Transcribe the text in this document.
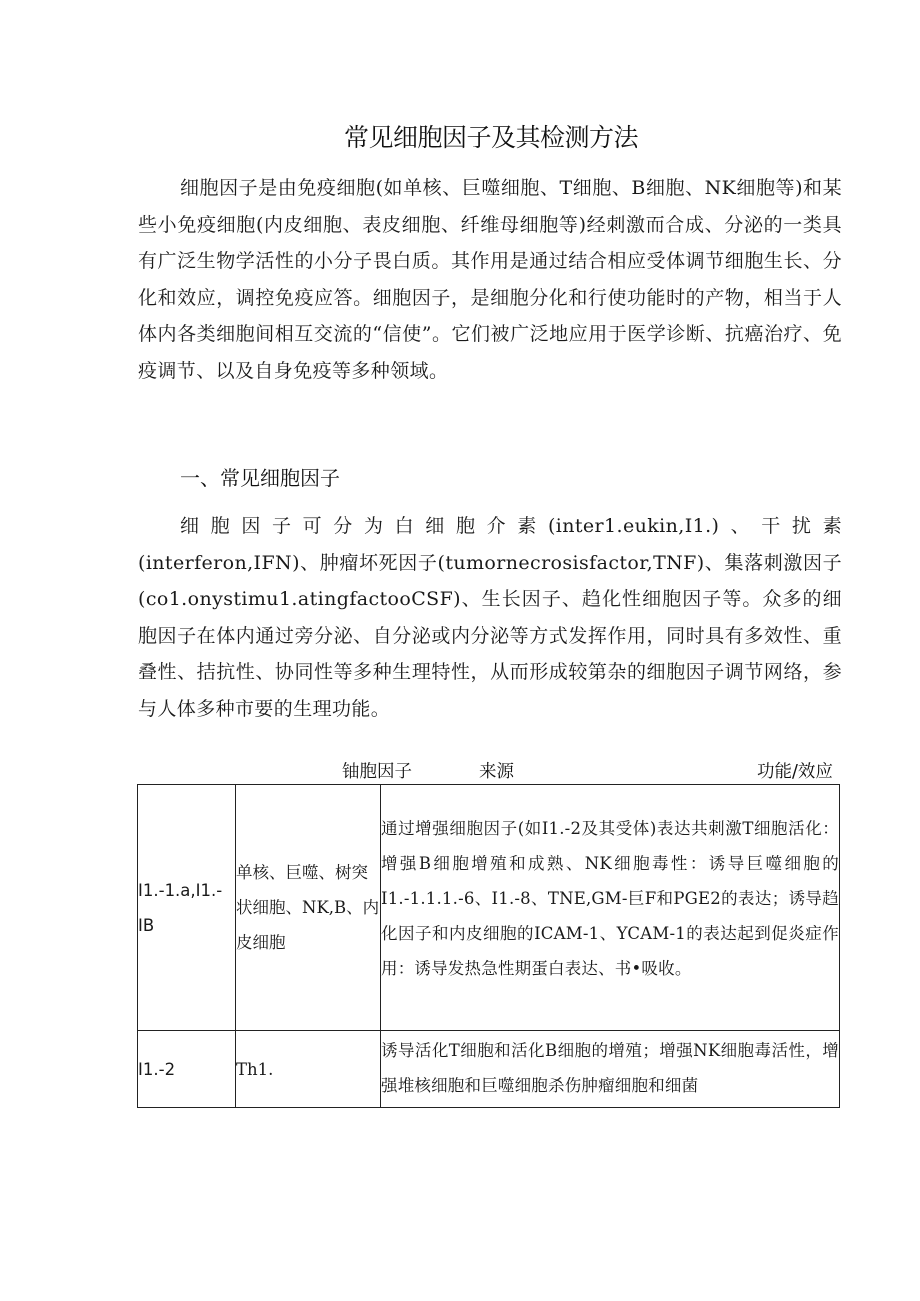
常见细胞因子及其检测方法

细胞因子是由免疫细胞(如单核、巨噬细胞、T细胞、B细胞、NK细胞等)和某些小免疫细胞(内皮细胞、表皮细胞、纤维母细胞等)经刺激而合成、分泌的一类具有广泛生物学活性的小分子畏白质。其作用是通过结合相应受体调节细胞生长、分化和效应，调控免疫应答。细胞因子，是细胞分化和行使功能时的产物，相当于人体内各类细胞间相互交流的“信使”。它们被广泛地应用于医学诊断、抗癌治疗、免疫调节、以及自身免疫等多种领域。

一、常见细胞因子

细胞因子可分为白细胞介素(inter1.eukin,I1.)、干扰素(interferon,IFN)、肿瘤坏死因子(tumornecrosisfactor,TNF)、集落刺激因子(co1.onystimu1.atingfactooCSF)、生长因子、趋化性细胞因子等。众多的细胞因子在体内通过旁分泌、自分泌或内分泌等方式发挥作用，同时具有多效性、重叠性、拮抗性、协同性等多种生理特性，从而形成较第杂的细胞因子调节网络，参与人体多种市要的生理功能。

铀胞因子	来源	功能/效应
I1.-1.a,I1.-IB	单核、巨噬、树突状细胞、NK,B、内皮细胞	通过增强细胞因子(如I1.-2及其受体)表达共刺激T细胞活化：增强B细胞增殖和成熟、NK细胞毒性：诱导巨噬细胞的I1.-1.1.1.-6、I1.-8、TNE,GM-巨F和PGE2的表达；诱导趋化因子和内皮细胞的ICAM-1、YCAM-1的表达起到促炎症作用：诱导发热急性期蛋白表达、书•吸收。
I1.-2	Th1.	诱导活化T细胞和活化B细胞的增殖；增强NK细胞毒活性，增强堆核细胞和巨噬细胞杀伤肿瘤细胞和细菌
